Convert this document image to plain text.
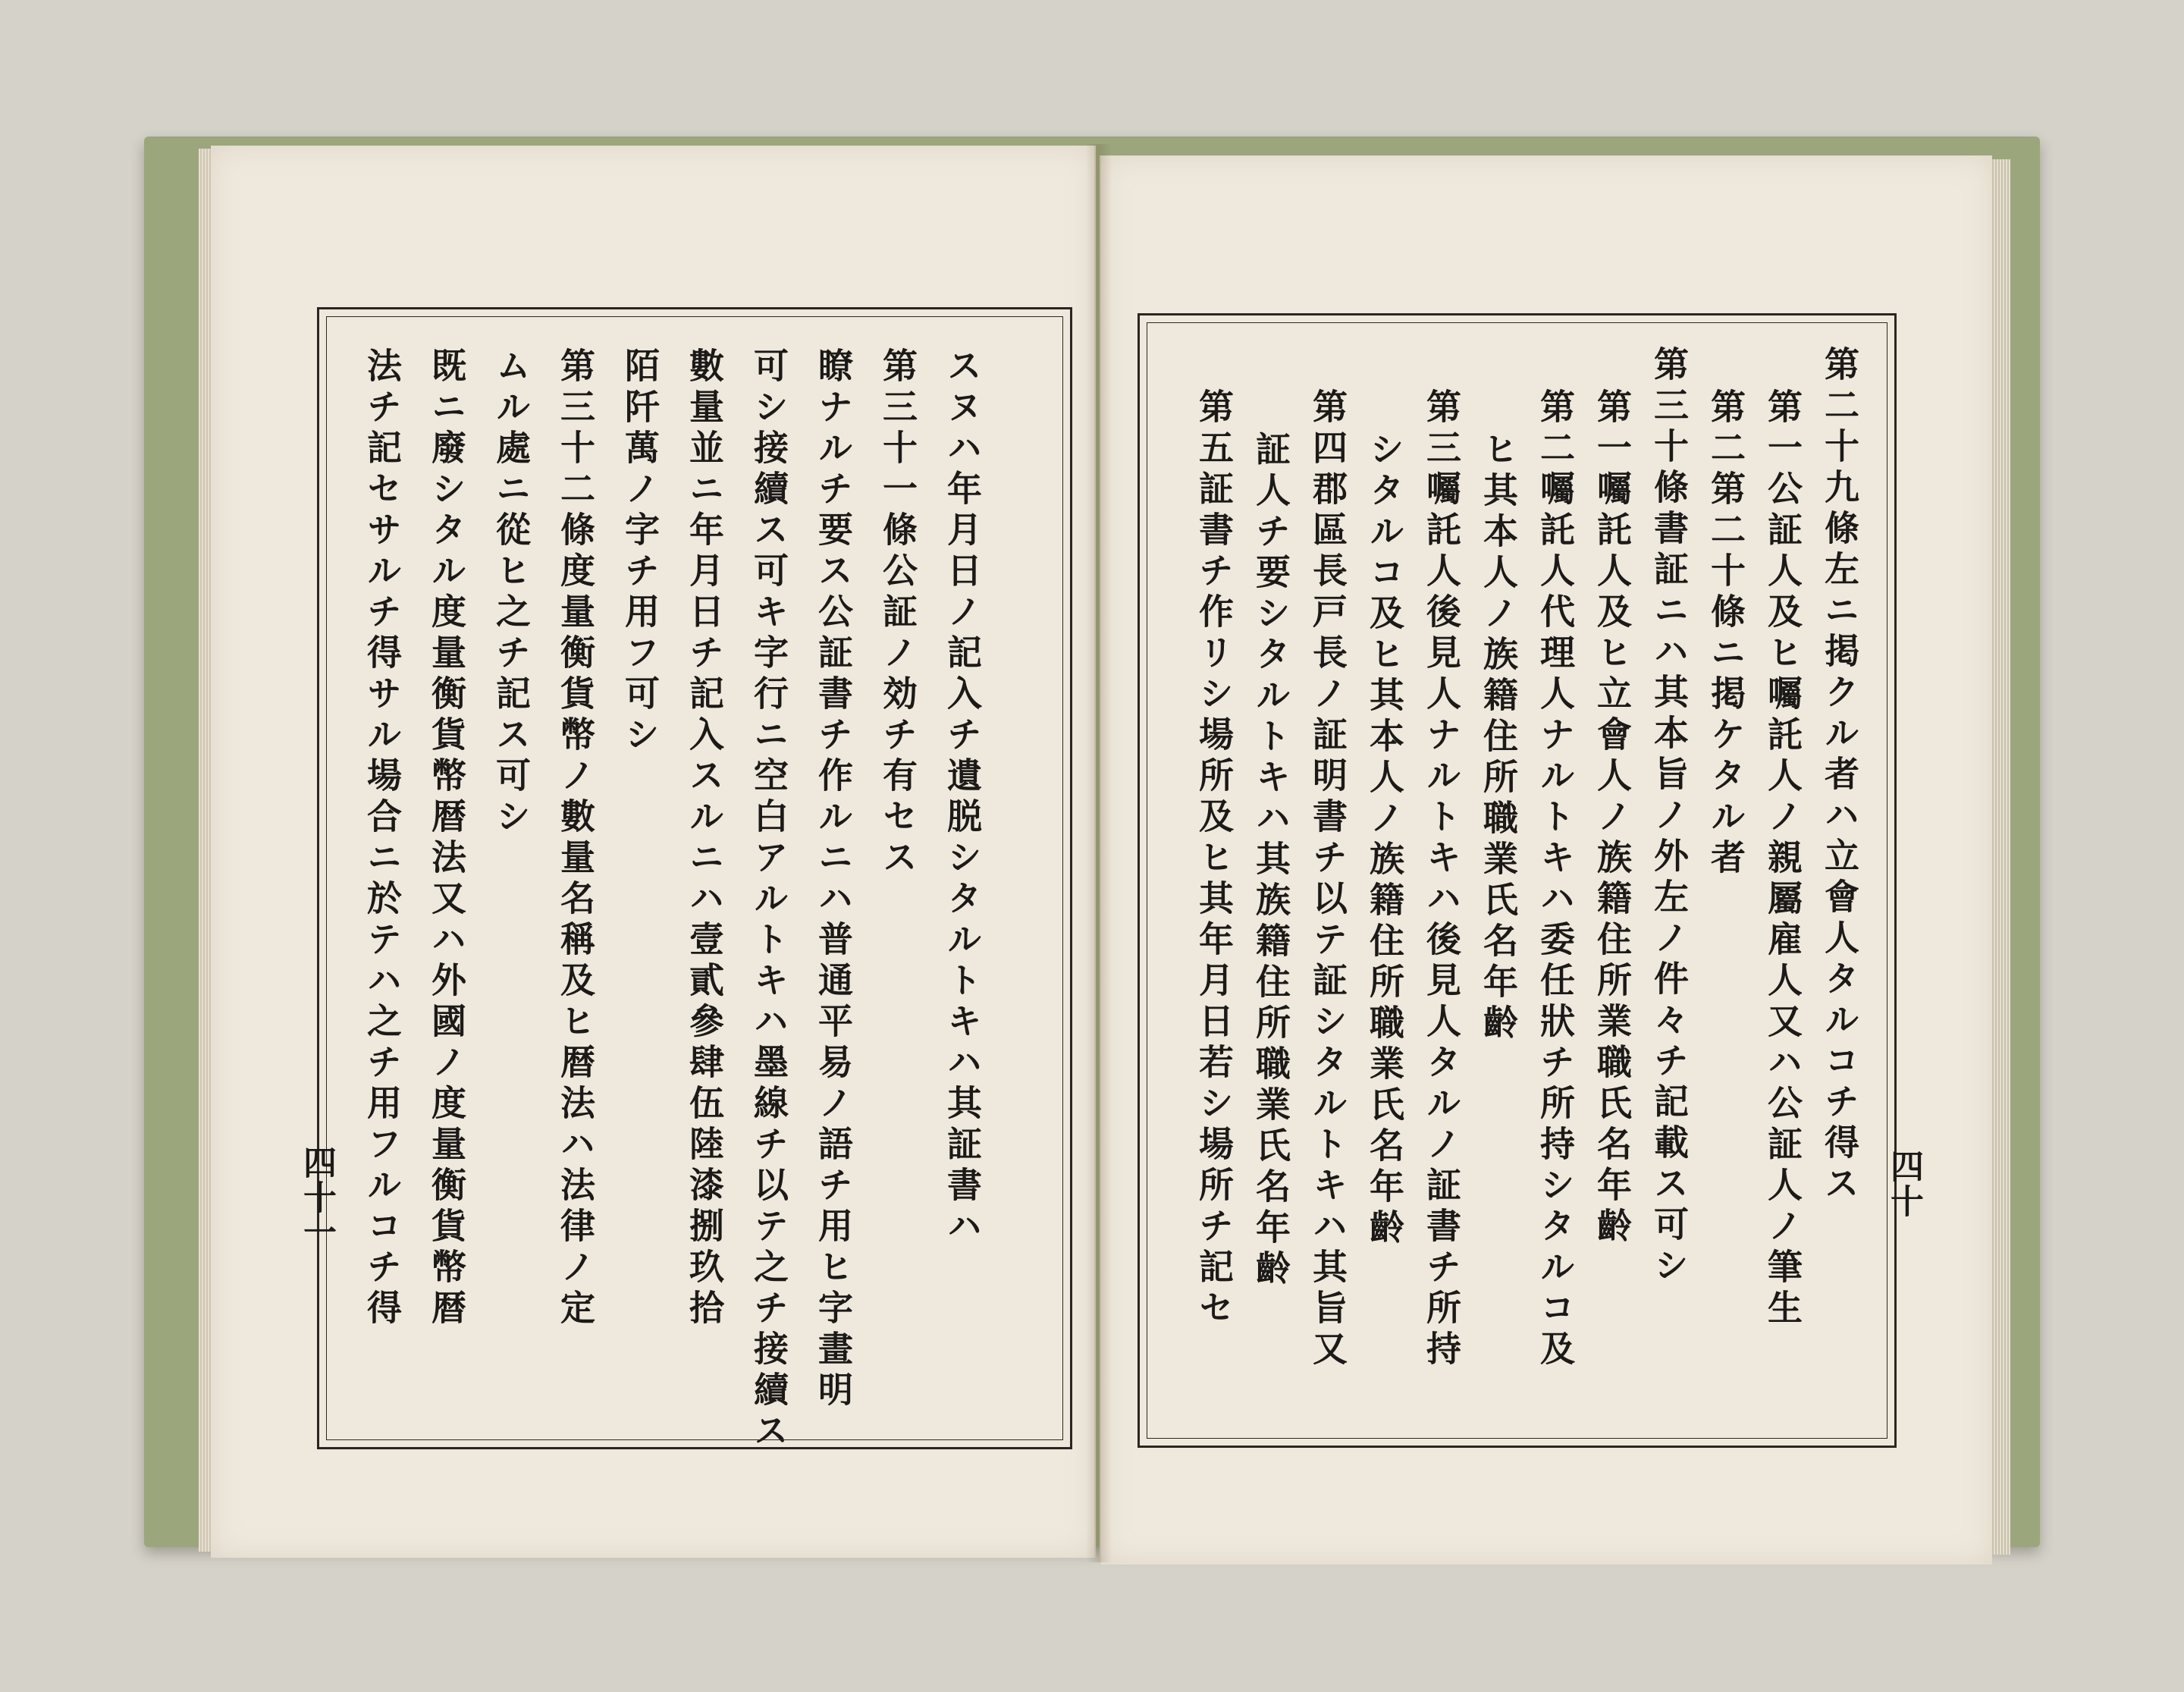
スヌハ年月日ノ記入チ遺脱シタルトキハ其証書ハ
第三十一條公証ノ効チ有セス
瞭ナルチ要ス公証書チ作ルニハ普通平易ノ語チ用ヒ字畫明
可シ接續ス可キ字行ニ空白アルトキハ墨線チ以テ之チ接續ス
數量並ニ年月日チ記入スルニハ壹貳參肆伍陸漆捌玖拾
陌阡萬ノ字チ用フ可シ
第三十二條度量衡貨幣ノ數量名稱及ヒ暦法ハ法律ノ定
ムル處ニ從ヒ之チ記ス可シ
既ニ廢シタル度量衡貨幣暦法又ハ外國ノ度量衡貨幣暦
法チ記セサルチ得サル場合ニ於テハ之チ用フルコチ得
四十一	第二十九條左ニ掲クル者ハ立會人タルコチ得ス
第一公証人及ヒ囑託人ノ親屬雇人又ハ公証人ノ筆生
第二第二十條ニ掲ケタル者
第三十條書証ニハ其本旨ノ外左ノ件々チ記載ス可シ
第一囑託人及ヒ立會人ノ族籍住所業職氏名年齡
第二囑託人代理人ナルトキハ委任狀チ所持シタルコ及
ヒ其本人ノ族籍住所職業氏名年齡
第三囑託人後見人ナルトキハ後見人タルノ証書チ所持
シタルコ及ヒ其本人ノ族籍住所職業氏名年齡
第四郡區長戸長ノ証明書チ以テ証シタルトキハ其旨又
証人チ要シタルトキハ其族籍住所職業氏名年齡
第五証書チ作リシ場所及ヒ其年月日若シ場所チ記セ	四十
